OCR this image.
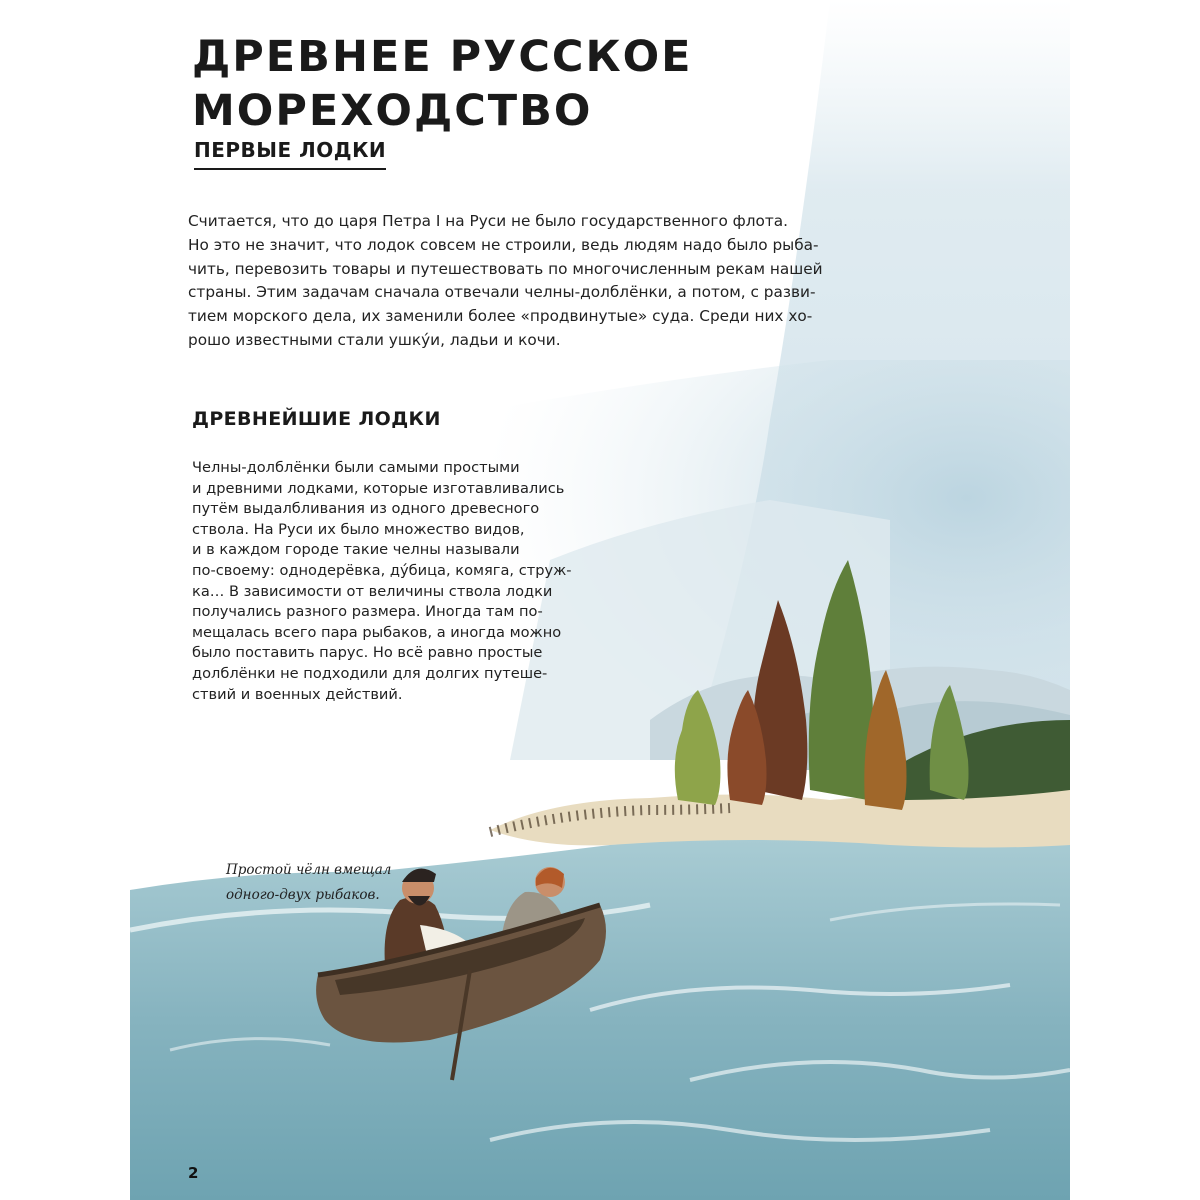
ДРЕВНЕЕ РУССКОЕ
МОРЕХОДСТВО
ПЕРВЫЕ ЛОДКИ

Считается, что до царя Петра I на Руси не было государственного флота.
Но это не значит, что лодок совсем не строили, ведь людям надо было рыба-
чить, перевозить товары и путешествовать по многочисленным рекам нашей
страны. Этим задачам сначала отвечали челны-долблёнки, а потом, с разви-
тием морского дела, их заменили более «продвинутые» суда. Среди них хо-
рошо известными стали ушку́и, ладьи и кочи.

ДРЕВНЕЙШИЕ ЛОДКИ

Челны-долблёнки были самыми простыми
и древними лодками, которые изготавливались
путём выдалбливания из одного древесного
ствола. На Руси их было множество видов,
и в каждом городе такие челны называли
по-своему: однодерёвка, ду́бица, комяга, струж-
ка… В зависимости от величины ствола лодки
получались разного размера. Иногда там по-
мещалась всего пара рыбаков, а иногда можно
было поставить парус. Но всё равно простые
долблёнки не подходили для долгих путеше-
ствий и военных действий.

Простой чёлн вмещал
одного-двух рыбаков.

2
